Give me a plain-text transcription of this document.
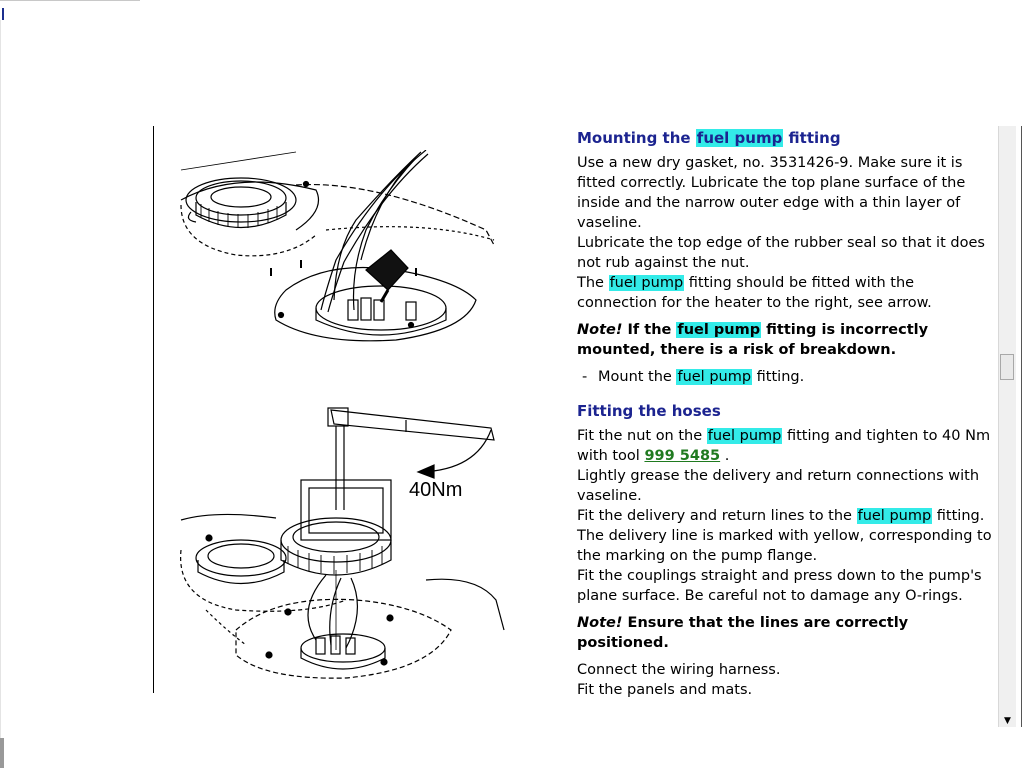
40Nm

Mounting the fuel pump fitting

Use a new dry gasket, no. 3531426-9. Make sure it is fitted correctly. Lubricate the top plane surface of the inside and the narrow outer edge with a thin layer of vaseline.

Lubricate the top edge of the rubber seal so that it does not rub against the nut.

The fuel pump fitting should be fitted with the connection for the heater to the right, see arrow.

Note! If the fuel pump fitting is incorrectly mounted, there is a risk of breakdown.

- Mount the fuel pump fitting.

Fitting the hoses

Fit the nut on the fuel pump fitting and tighten to 40 Nm with tool 999 5485 .

Lightly grease the delivery and return connections with vaseline.

Fit the delivery and return lines to the fuel pump fitting.

The delivery line is marked with yellow, corresponding to the marking on the pump flange.

Fit the couplings straight and press down to the pump's plane surface. Be careful not to damage any O-rings.

Note! Ensure that the lines are correctly positioned.

Connect the wiring harness.

Fit the panels and mats.

▼
